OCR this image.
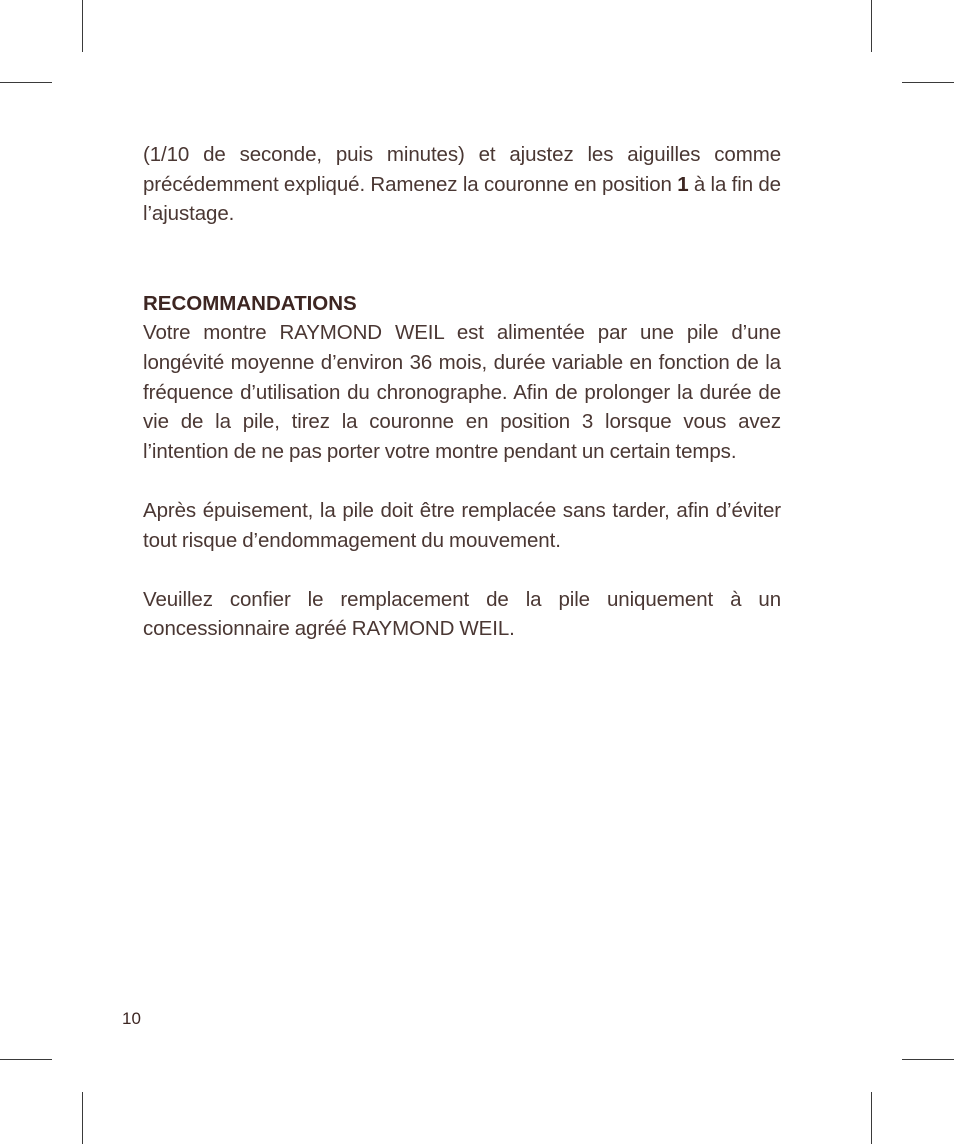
(1/10 de seconde, puis minutes) et ajustez les aiguilles comme précédemment expliqué. Ramenez la couronne en position 1 à la fin de l’ajustage.

RECOMMANDATIONS

Votre montre RAYMOND WEIL est alimentée par une pile d’une longévité moyenne d’environ 36 mois, durée variable en fonction de la fréquence d’utilisation du chronographe. Afin de prolonger la durée de vie de la pile, tirez la couronne en position 3 lorsque vous avez l’intention de ne pas porter votre montre pendant un certain temps.

Après épuisement, la pile doit être remplacée sans tarder, afin d’éviter tout risque d’endommagement du mouvement.

Veuillez confier le remplacement de la pile uniquement à un concessionnaire agréé RAYMOND WEIL.

10
